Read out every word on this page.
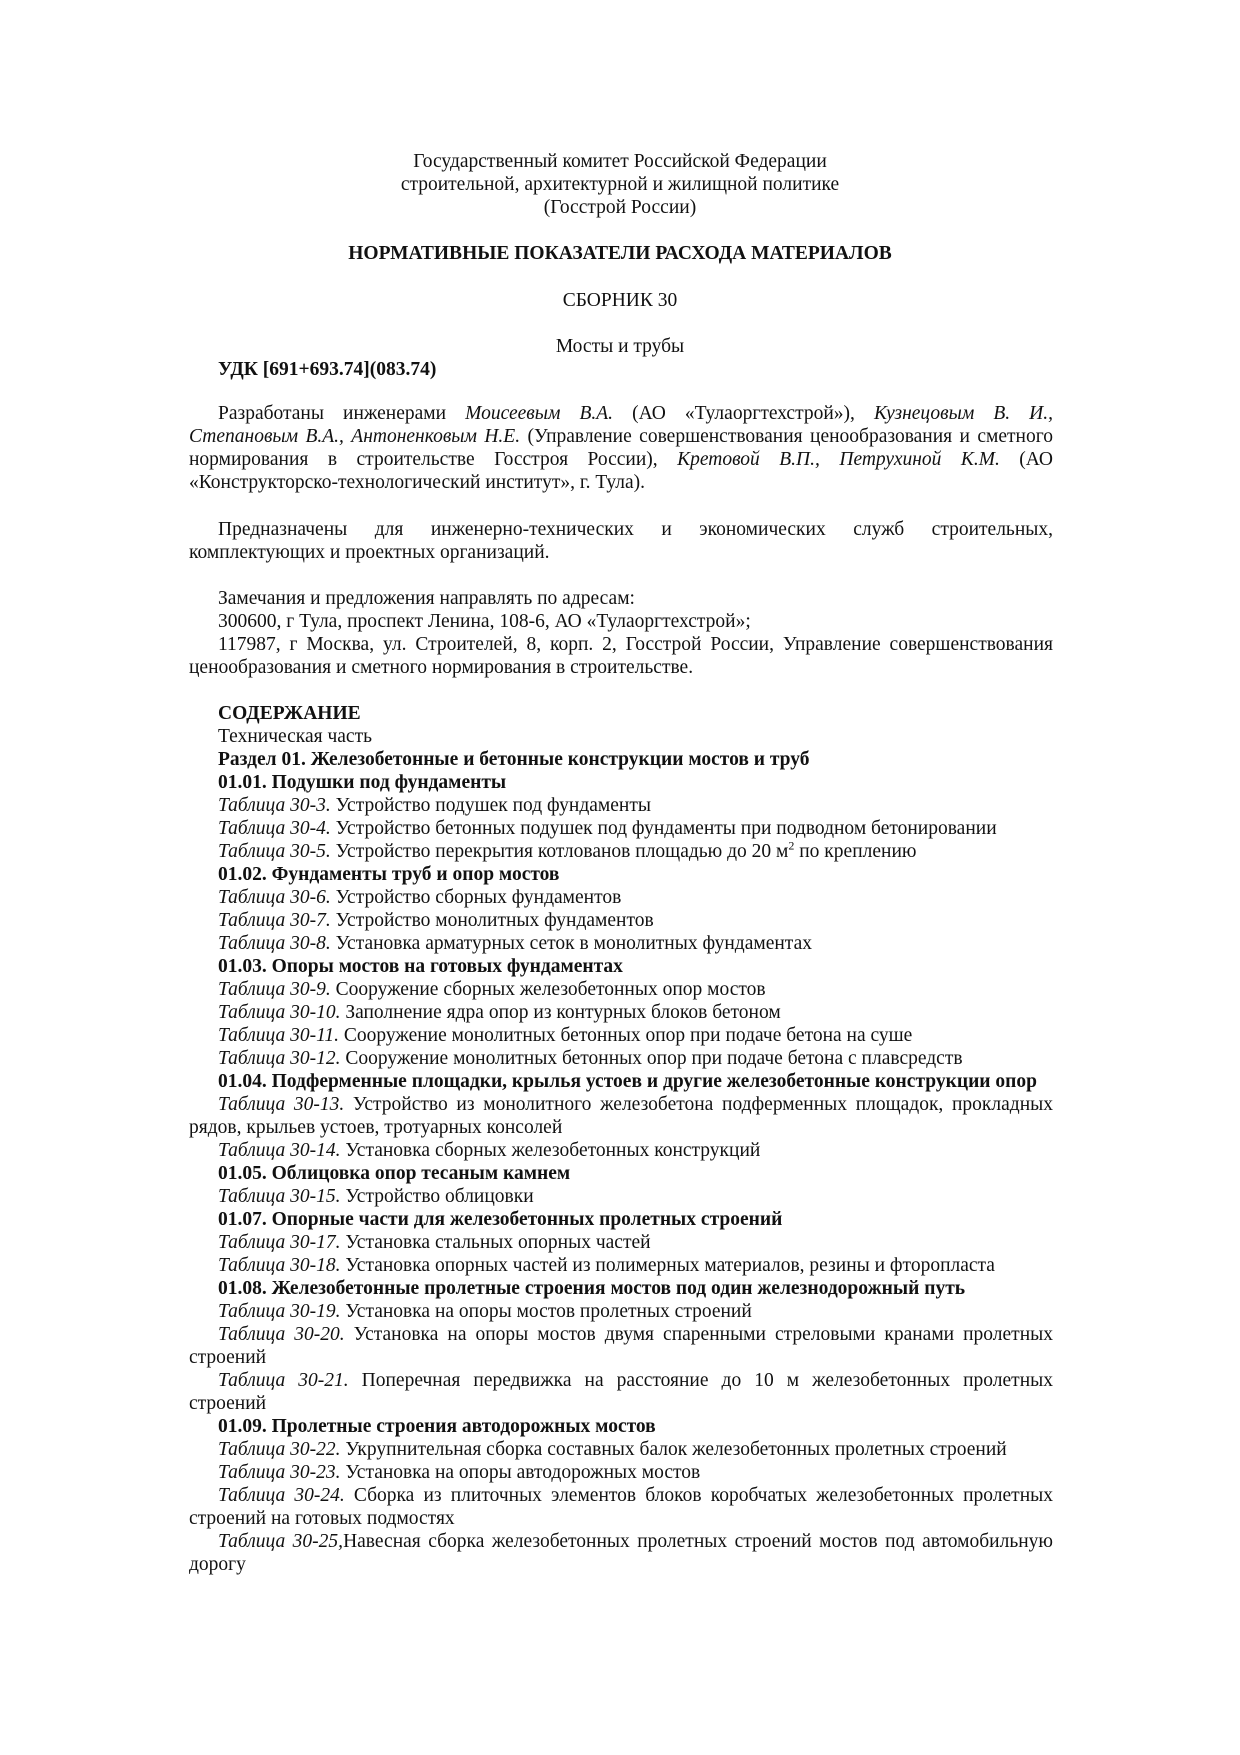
Государственный комитет Российской Федерации
строительной, архитектурной и жилищной политике
(Госстрой России)
НОРМАТИВНЫЕ ПОКАЗАТЕЛИ РАСХОДА МАТЕРИАЛОВ
СБОРНИК 30
Мосты и трубы
УДК [691+693.74](083.74)

Разработаны инженерами Моисеевым В.А. (АО «Тулаоргтехстрой»), Кузнецовым В. И., Степановым В.А., Антоненковым Н.Е. (Управление совершенствования ценообразования и сметного нормирования в строительстве Госстроя России), Кретовой В.П., Петрухиной К.М. (АО «Конструкторско-технологический институт», г. Тула).

Предназначены для инженерно-технических и экономических служб строительных, комплектующих и проектных организаций.

Замечания и предложения направлять по адресам:

300600, г Тула, проспект Ленина, 108-6, АО «Тулаоргтехстрой»;

117987, г Москва, ул. Строителей, 8, корп. 2, Госстрой России, Управление совершенствования ценообразования и сметного нормирования в строительстве.

СОДЕРЖАНИЕ

Техническая часть

Раздел 01. Железобетонные и бетонные конструкции мостов и труб

01.01. Подушки под фундаменты

Таблица 30-3. Устройство подушек под фундаменты

Таблица 30-4. Устройство бетонных подушек под фундаменты при подводном бетонировании

Таблица 30-5. Устройство перекрытия котлованов площадью до 20 $м^2$ по креплению

01.02. Фундаменты труб и опор мостов

Таблица 30-6. Устройство сборных фундаментов

Таблица 30-7. Устройство монолитных фундаментов

Таблица 30-8. Установка арматурных сеток в монолитных фундаментах

01.03. Опоры мостов на готовых фундаментах

Таблица 30-9. Сооружение сборных железобетонных опор мостов

Таблица 30-10. Заполнение ядра опор из контурных блоков бетоном

Таблица 30-11. Сооружение монолитных бетонных опор при подаче бетона на суше

Таблица 30-12. Сооружение монолитных бетонных опор при подаче бетона с плавсредств

01.04. Подферменные площадки, крылья устоев и другие железобетонные конструкции опор

Таблица 30-13. Устройство из монолитного железобетона подферменных площадок, прокладных рядов, крыльев устоев, тротуарных консолей

Таблица 30-14. Установка сборных железобетонных конструкций

01.05. Облицовка опор тесаным камнем

Таблица 30-15. Устройство облицовки

01.07. Опорные части для железобетонных пролетных строений

Таблица 30-17. Установка стальных опорных частей

Таблица 30-18. Установка опорных частей из полимерных материалов, резины и фторопласта

01.08. Железобетонные пролетные строения мостов под один железнодорожный путь

Таблица 30-19. Установка на опоры мостов пролетных строений

Таблица 30-20. Установка на опоры мостов двумя спаренными стреловыми кранами пролетных строений

Таблица 30-21. Поперечная передвижка на расстояние до 10 м железобетонных пролетных строений

01.09. Пролетные строения автодорожных мостов

Таблица 30-22. Укрупнительная сборка составных балок железобетонных пролетных строений

Таблица 30-23. Установка на опоры автодорожных мостов

Таблица 30-24. Сборка из плиточных элементов блоков коробчатых железобетонных пролетных строений на готовых подмостях

Таблица 30-25,Навесная сборка железобетонных пролетных строений мостов под автомобильную дорогу
